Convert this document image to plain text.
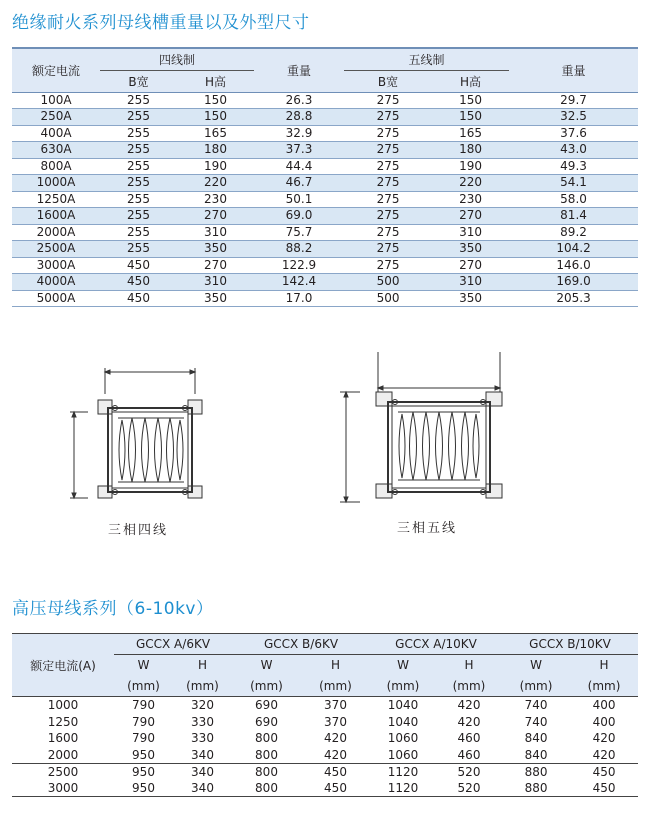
绝缘耐火系列母线槽重量以及外型尺寸
额定电流	四线制		重量	五线制		重量
	B宽	H高		B宽	H高	
100A	255	150	26.3	275	150	29.7
250A	255	150	28.8	275	150	32.5
400A	255	165	32.9	275	165	37.6
630A	255	180	37.3	275	180	43.0
800A	255	190	44.4	275	190	49.3
1000A	255	220	46.7	275	220	54.1
1250A	255	230	50.1	275	230	58.0
1600A	255	270	69.0	275	270	81.4
2000A	255	310	75.7	275	310	89.2
2500A	255	350	88.2	275	350	104.2
3000A	450	270	122.9	275	270	146.0
4000A	450	310	142.4	500	310	169.0
5000A	450	350	17.0	500	350	205.3
三相四线	三相五线
高压母线系列（6-10kv）
额定电流(A)	GCCX A/6KV		GCCX B/6KV		GCCX A/10KV		GCCX B/10KV	
	W	H	W	H	W	H	W	H
	(mm)	(mm)	(mm)	(mm)	(mm)	(mm)	(mm)	(mm)
1000	790	320	690	370	1040	420	740	400
1250	790	330	690	370	1040	420	740	400
1600	790	330	800	420	1060	460	840	420
2000	950	340	800	420	1060	460	840	420
2500	950	340	800	450	1120	520	880	450
3000	950	340	800	450	1120	520	880	450
